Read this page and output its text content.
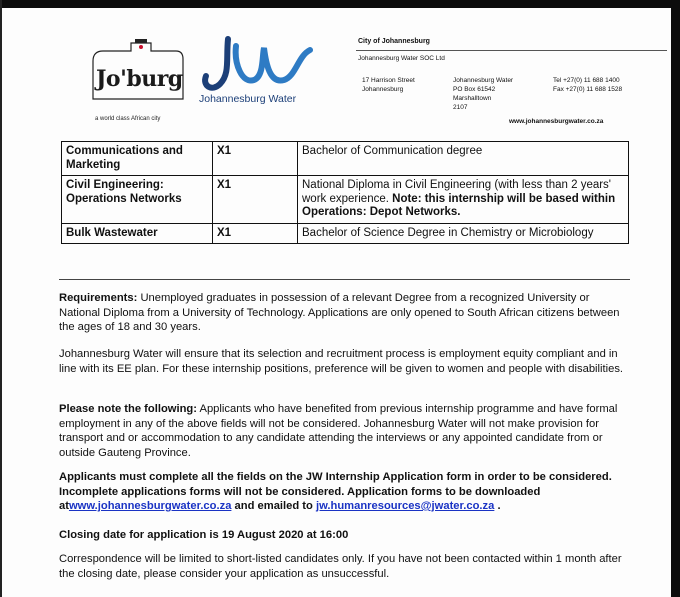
Jo'burg
a world class African city
Johannesburg Water
City of Johannesburg
Johannesburg Water SOC Ltd
17 Harrison Street
Johannesburg
Johannesburg Water
PO Box 61542
Marshalltown
2107
Tel +27(0) 11 688 1400
Fax +27(0) 11 688 1528
www.johannesburgwater.co.za
Communications and Marketing	X1	Bachelor of Communication degree
Civil Engineering: Operations Networks	X1	National Diploma in Civil Engineering (with less than 2 years' work experience. Note: this internship will be based within Operations: Depot Networks.
Bulk Wastewater	X1	Bachelor of Science Degree in Chemistry or Microbiology

Requirements: Unemployed graduates in possession of a relevant Degree from a recognized University or National Diploma from a University of Technology. Applications are only opened to South African citizens between the ages of 18 and 30 years.

Johannesburg Water will ensure that its selection and recruitment process is employment equity compliant and in line with its EE plan. For these internship positions, preference will be given to women and people with disabilities.

Please note the following: Applicants who have benefited from previous internship programme and have formal employment in any of the above fields will not be considered. Johannesburg Water will not make provision for transport and or accommodation to any candidate attending the interviews or any appointed candidate from or outside Gauteng Province.

Applicants must complete all the fields on the JW Internship Application form in order to be considered. Incomplete applications forms will not be considered. Application forms to be downloaded atwww.johannesburgwater.co.za and emailed to jw.humanresources@jwater.co.za .

Closing date for application is 19 August 2020 at 16:00

Correspondence will be limited to short-listed candidates only. If you have not been contacted within 1 month after the closing date, please consider your application as unsuccessful.
